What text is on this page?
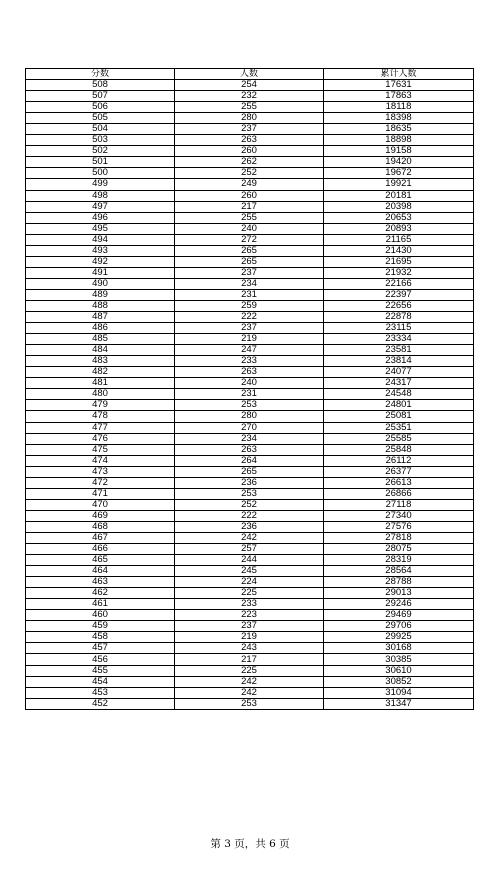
分数	人数	累计人数
508	254	17631
507	232	17863
506	255	18118
505	280	18398
504	237	18635
503	263	18898
502	260	19158
501	262	19420
500	252	19672
499	249	19921
498	260	20181
497	217	20398
496	255	20653
495	240	20893
494	272	21165
493	265	21430
492	265	21695
491	237	21932
490	234	22166
489	231	22397
488	259	22656
487	222	22878
486	237	23115
485	219	23334
484	247	23581
483	233	23814
482	263	24077
481	240	24317
480	231	24548
479	253	24801
478	280	25081
477	270	25351
476	234	25585
475	263	25848
474	264	26112
473	265	26377
472	236	26613
471	253	26866
470	252	27118
469	222	27340
468	236	27576
467	242	27818
466	257	28075
465	244	28319
464	245	28564
463	224	28788
462	225	29013
461	233	29246
460	223	29469
459	237	29706
458	219	29925
457	243	30168
456	217	30385
455	225	30610
454	242	30852
453	242	31094
452	253	31347
第 3 页，共 6 页
